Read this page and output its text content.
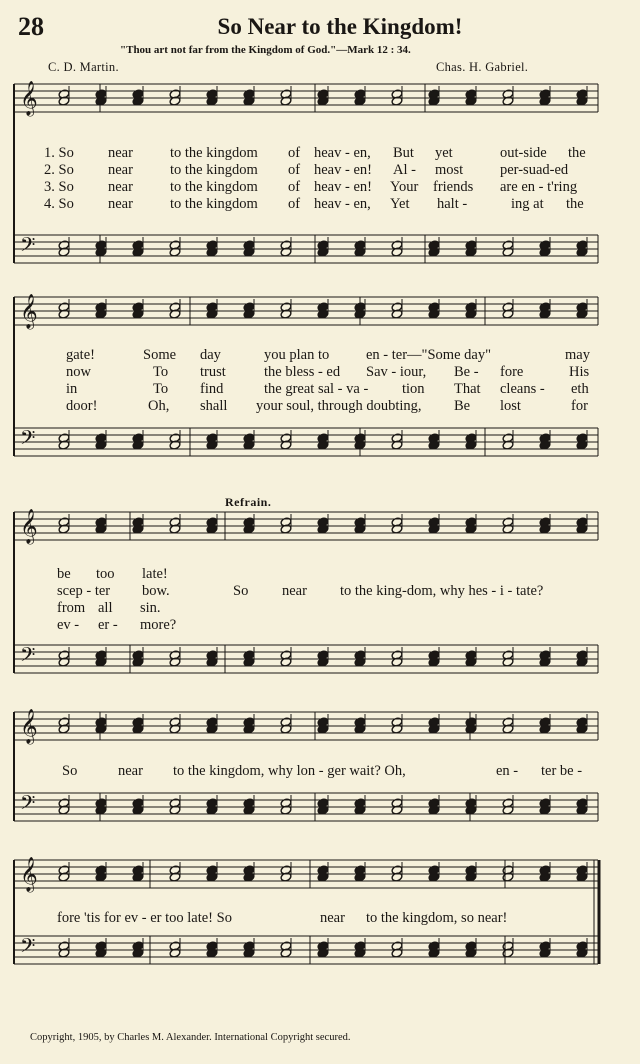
𝄞
𝄢
𝄞
𝄢
𝄞
𝄢
𝄞
𝄢
𝄞
𝄢
28	So Near to the Kingdom!
"Thou art not far from the Kingdom of God."—Mark 12 : 34.
C. D. Martin.	Chas. H. Gabriel.
Refrain.
1. So near	to the kingdom of heav - en, But yet	out-side the
2. So near	to the kingdom of heav - en! Al - most	per-suad-ed
3. So near	to the kingdom of heav - en! Your friends are en - t'ring
4. So near	to the kingdom of heav - en, Yet halt -	ing at the
gate!	Some day	you plan to	en - ter—"Some day"	may
now	To trust	the bless - ed Sav - iour, Be - fore	His
in	To find	the great sal - va - tion That cleans - eth
door!	Oh, shall your soul, through doubting, Be lost	for
be too late!
scep - ter bow.	So near to the king-dom, why hes - i - tate?
from all sin.
ev - er - more?
So	near to the kingdom, why lon - ger wait? Oh,	en - ter be -
fore 'tis for ev - er too late! So	near to the kingdom, so near!
Copyright, 1905, by Charles M. Alexander. International Copyright secured.
